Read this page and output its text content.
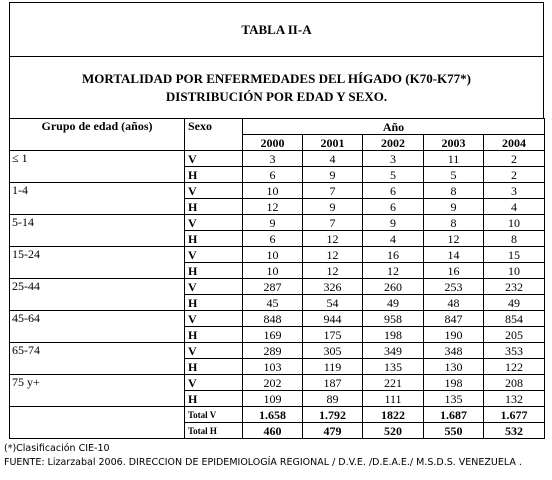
TABLA II-A
MORTALIDAD POR ENFERMEDADES DEL HÍGADO (K70-K77*)
DISTRIBUCIÓN POR EDAD Y SEXO.
Grupo de edad (años)	Sexo	Año				
		2000	2001	2002	2003	2004
≤ 1	V	3	4	3	11	2
	H	6	9	5	5	2
1-4	V	10	7	6	8	3
	H	12	9	6	9	4
5-14	V	9	7	9	8	10
	H	6	12	4	12	8
15-24	V	10	12	16	14	15
	H	10	12	12	16	10
25-44	V	287	326	260	253	232
	H	45	54	49	48	49
45-64	V	848	944	958	847	854
	H	169	175	198	190	205
65-74	V	289	305	349	348	353
	H	103	119	135	130	122
75 y+	V	202	187	221	198	208
	H	109	89	111	135	132
	Total V	1.658	1.792	1822	1.687	1.677
	Total H	460	479	520	550	532
(*)Clasificación CIE-10
FUENTE: Lizarzabal 2006. DIRECCION DE EPIDEMIOLOGÍA REGIONAL / D.V.E. /D.E.A.E./ M.S.D.S. VENEZUELA .
